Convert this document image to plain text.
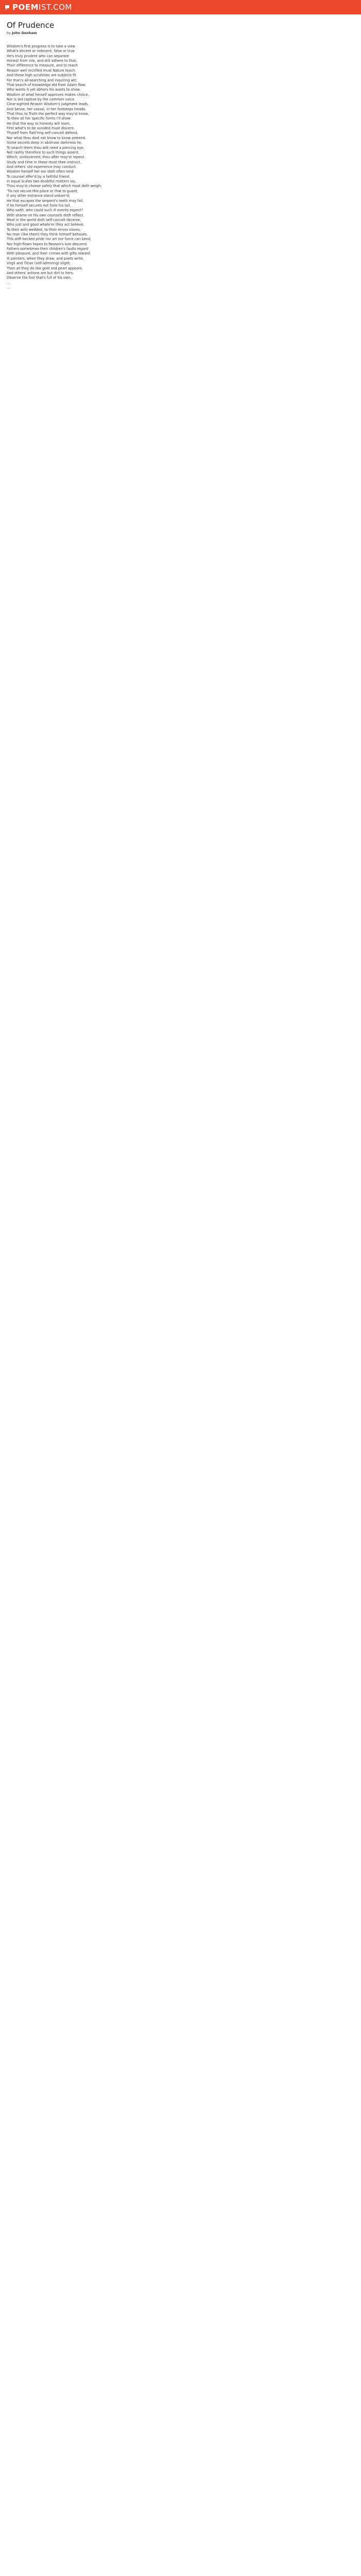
POEMIST.COM
Of Prudence
by John Denham
Wisdom's first progress is to take a view
What's decent or indecent; false or true.
He's truly prudent who can separate
Honest from vile, and still adhere to that;
Their difference to measure, and to reach
Reason well rectified must Nature teach.
And these high scrutinies are subjects fit
For man's all-searching and inquiring wit;
That search of knowledge did from Adam flow;
Who wants it yet abhors his wants to show.
Wisdom of what herself approves makes choice,
Nor is led captive by the common voice.
Clear-sighted Reason Wisdom's judgment leads,
And Sense, her vassal, in her footsteps treads.
That thou to Truth the perfect way may'st know,
To thee all her specific forms I'll show:
He that the way to honesty will learn,
First what's to be avoided must discern.
Thyself from flatt'ring self-conceit defend,
Nor what thou dost not know to know pretend.
Some secrets deep in abstruse darkness lie;
To search them thou wilt need a piercing eye.
Not rashly therefore to such things assent,
Which, undiscerned, thou after may'st repent.
Study and time in these must thee instruct,
And others' old experience may conduct.
Wisdom herself her ear doth often lend
To counsel offer'd by a faithful friend.
In equal scales two doubtful matters lay,
Thou may'st choose safely that which most doth weigh;
'Tis not secure this place or that to guard,
If any other entrance stand unbarr'd;
He that escapes the serpent's teeth may fail,
If he himself secures not from his tail.
Who saith, who could such ill events expect?
With shame on his own counsels doth reflect.
Most in the world doth self-conceit deceive,
Who just and good whate'er they act believe;
To their wills wedded, to their errors slaves,
No man (like them) they think himself behaves.
This stiff-necked pride nor art nor force can bend,
Nor high-flown hopes to Reason's lure descend.
Fathers sometimes their children's faults regard
With pleasure, and their crimes with gifts reward.
Ill painters, when they draw, and poets write,
Virgil and Titian (self-admiring) slight;
Then all they do like gold and pearl appears,
And others' actions are but dirt to hers.
Observe the fool that's full of his own,
...
...
